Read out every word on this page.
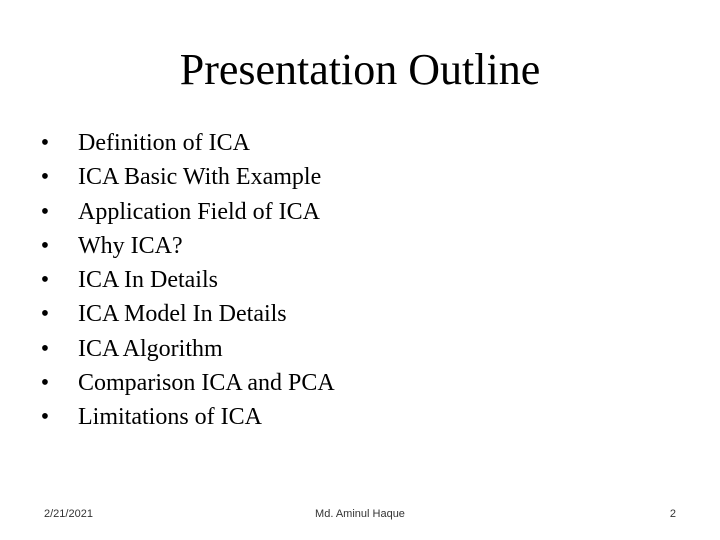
Presentation Outline
• Definition of ICA
• ICA Basic With Example
• Application Field of ICA
• Why ICA?
• ICA In Details
• ICA Model In Details
• ICA Algorithm
• Comparison ICA and PCA
• Limitations of ICA
2/21/2021	Md. Aminul Haque	2
